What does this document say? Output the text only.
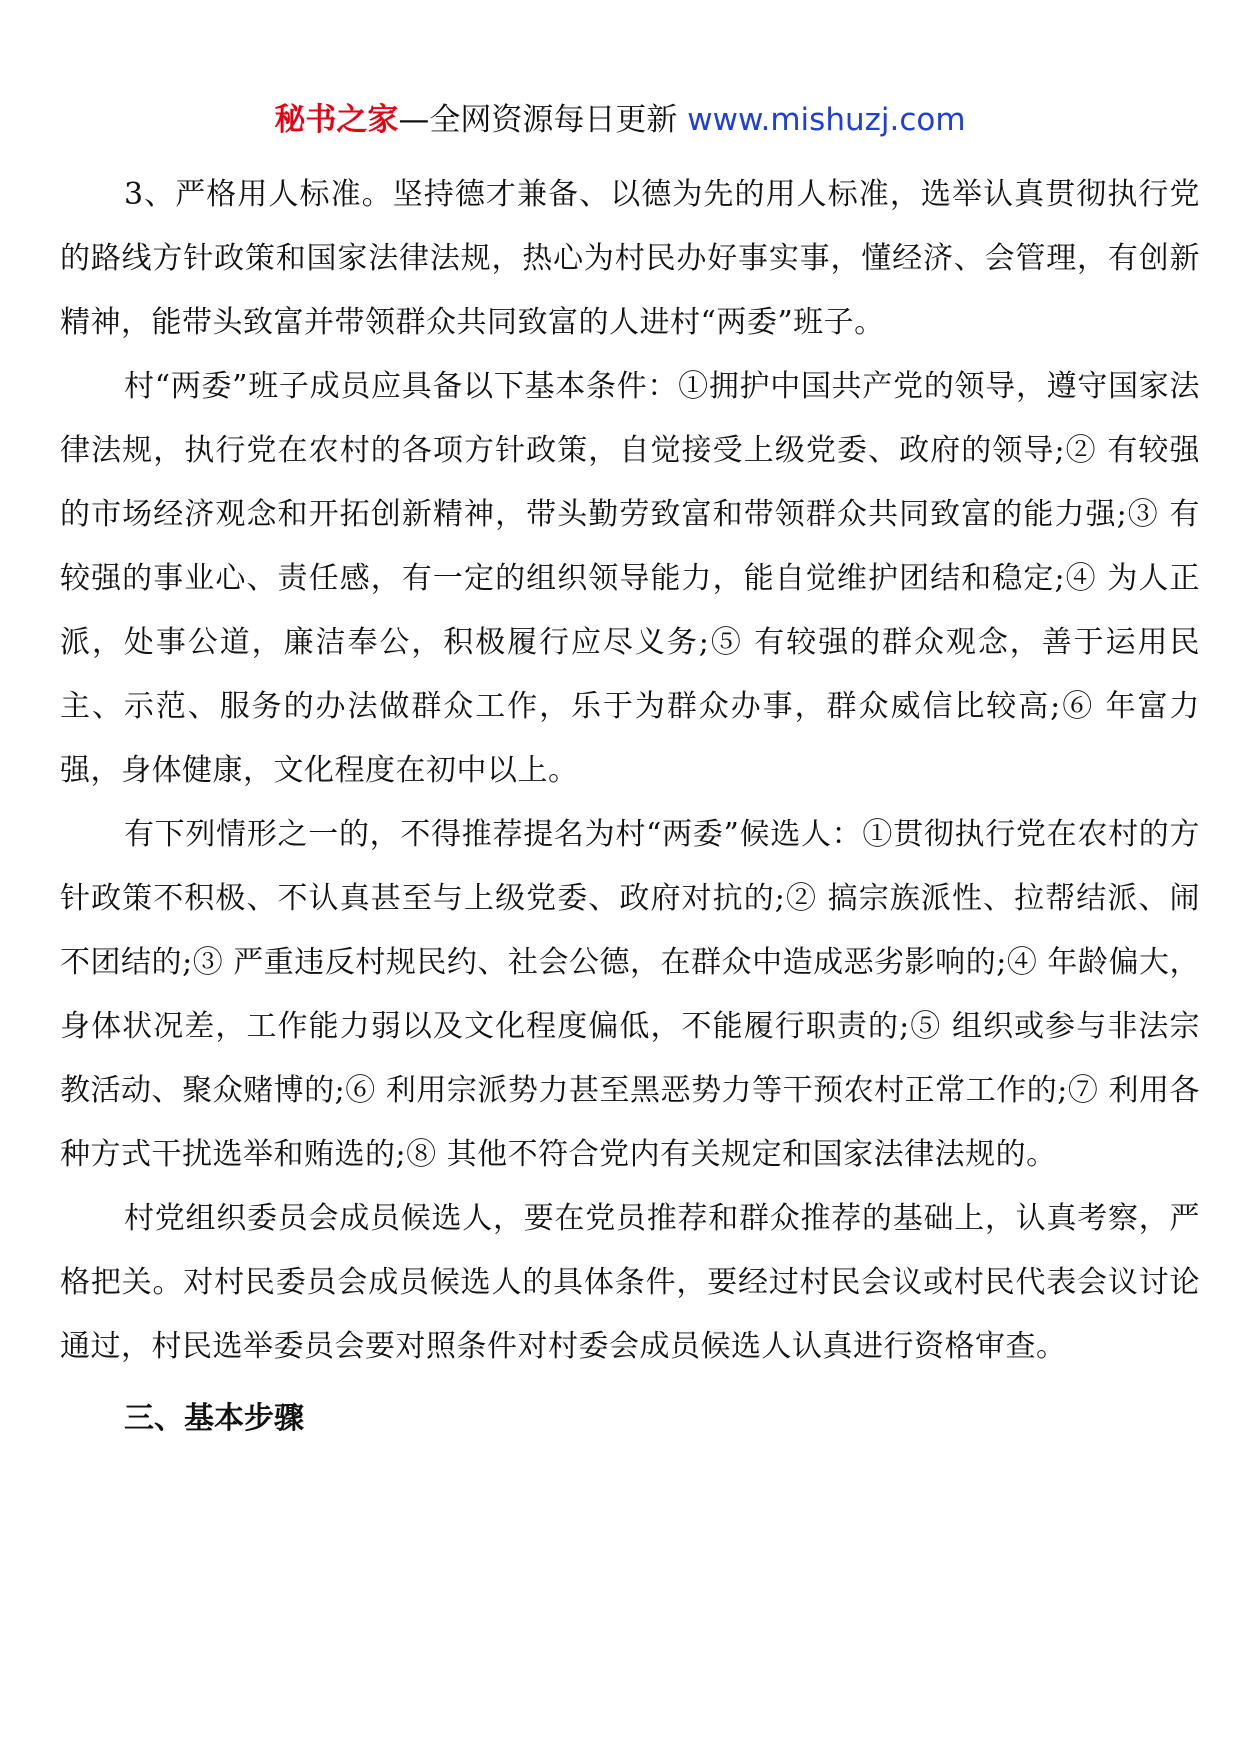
秘书之家—全网资源每日更新 www.mishuzj.com

3、严格用人标准。坚持德才兼备、以德为先的用人标准，选举认真贯彻执行党的路线方针政策和国家法律法规，热心为村民办好事实事，懂经济、会管理，有创新精神，能带头致富并带领群众共同致富的人进村“两委”班子。

村“两委”班子成员应具备以下基本条件：①拥护中国共产党的领导，遵守国家法律法规，执行党在农村的各项方针政策，自觉接受上级党委、政府的领导;② 有较强的市场经济观念和开拓创新精神，带头勤劳致富和带领群众共同致富的能力强;③ 有较强的事业心、责任感，有一定的组织领导能力，能自觉维护团结和稳定;④ 为人正派，处事公道，廉洁奉公，积极履行应尽义务;⑤ 有较强的群众观念，善于运用民主、示范、服务的办法做群众工作，乐于为群众办事，群众威信比较高;⑥ 年富力强，身体健康，文化程度在初中以上。

有下列情形之一的，不得推荐提名为村“两委”候选人：①贯彻执行党在农村的方针政策不积极、不认真甚至与上级党委、政府对抗的;② 搞宗族派性、拉帮结派、闹不团结的;③ 严重违反村规民约、社会公德，在群众中造成恶劣影响的;④ 年龄偏大，身体状况差，工作能力弱以及文化程度偏低，不能履行职责的;⑤ 组织或参与非法宗教活动、聚众赌博的;⑥ 利用宗派势力甚至黑恶势力等干预农村正常工作的;⑦ 利用各种方式干扰选举和贿选的;⑧ 其他不符合党内有关规定和国家法律法规的。

村党组织委员会成员候选人，要在党员推荐和群众推荐的基础上，认真考察，严格把关。对村民委员会成员候选人的具体条件，要经过村民会议或村民代表会议讨论通过，村民选举委员会要对照条件对村委会成员候选人认真进行资格审查。

三、基本步骤
